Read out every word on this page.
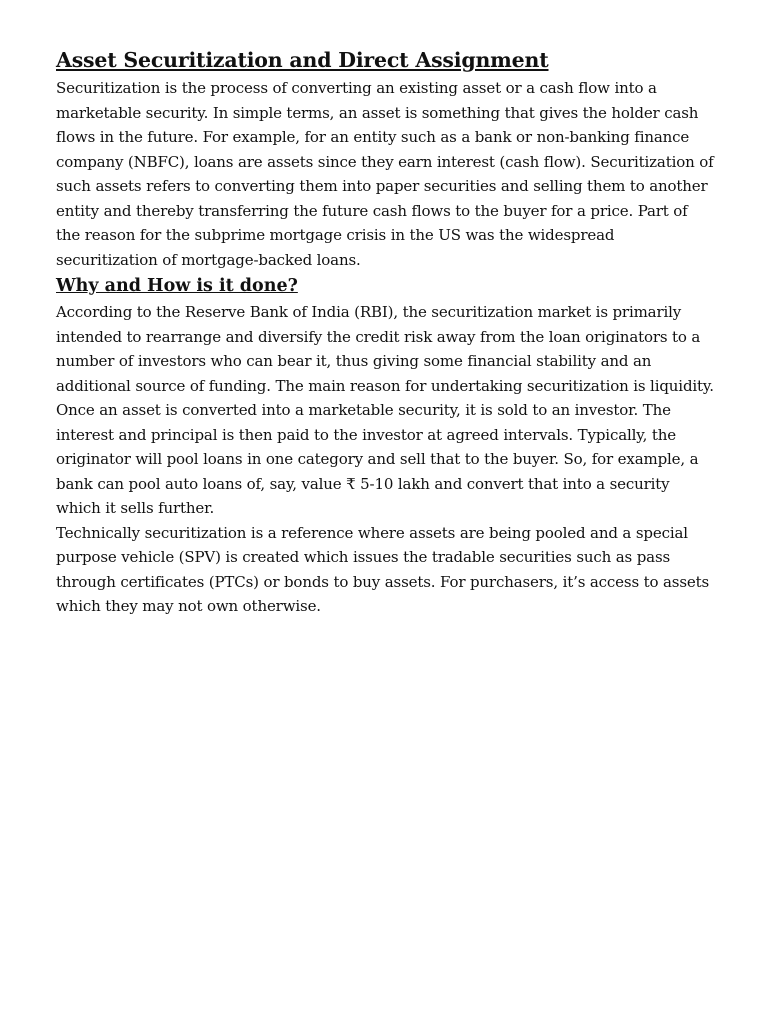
Asset Securitization and Direct Assignment

Securitization is the process of converting an existing asset or a cash flow into a marketable security. In simple terms, an asset is something that gives the holder cash flows in the future. For example, for an entity such as a bank or non-banking finance company (NBFC), loans are assets since they earn interest (cash flow). Securitization of such assets refers to converting them into paper securities and selling them to another entity and thereby transferring the future cash flows to the buyer for a price. Part of the reason for the subprime mortgage crisis in the US was the widespread securitization of mortgage-backed loans.

Why and How is it done?

According to the Reserve Bank of India (RBI), the securitization market is primarily intended to rearrange and diversify the credit risk away from the loan originators to a number of investors who can bear it, thus giving some financial stability and an additional source of funding. The main reason for undertaking securitization is liquidity. Once an asset is converted into a marketable security, it is sold to an investor. The interest and principal is then paid to the investor at agreed intervals. Typically, the originator will pool loans in one category and sell that to the buyer. So, for example, a bank can pool auto loans of, say, value ₹ 5-10 lakh and convert that into a security which it sells further.

Technically securitization is a reference where assets are being pooled and a special purpose vehicle (SPV) is created which issues the tradable securities such as pass through certificates (PTCs) or bonds to buy assets. For purchasers, it’s access to assets which they may not own otherwise.
